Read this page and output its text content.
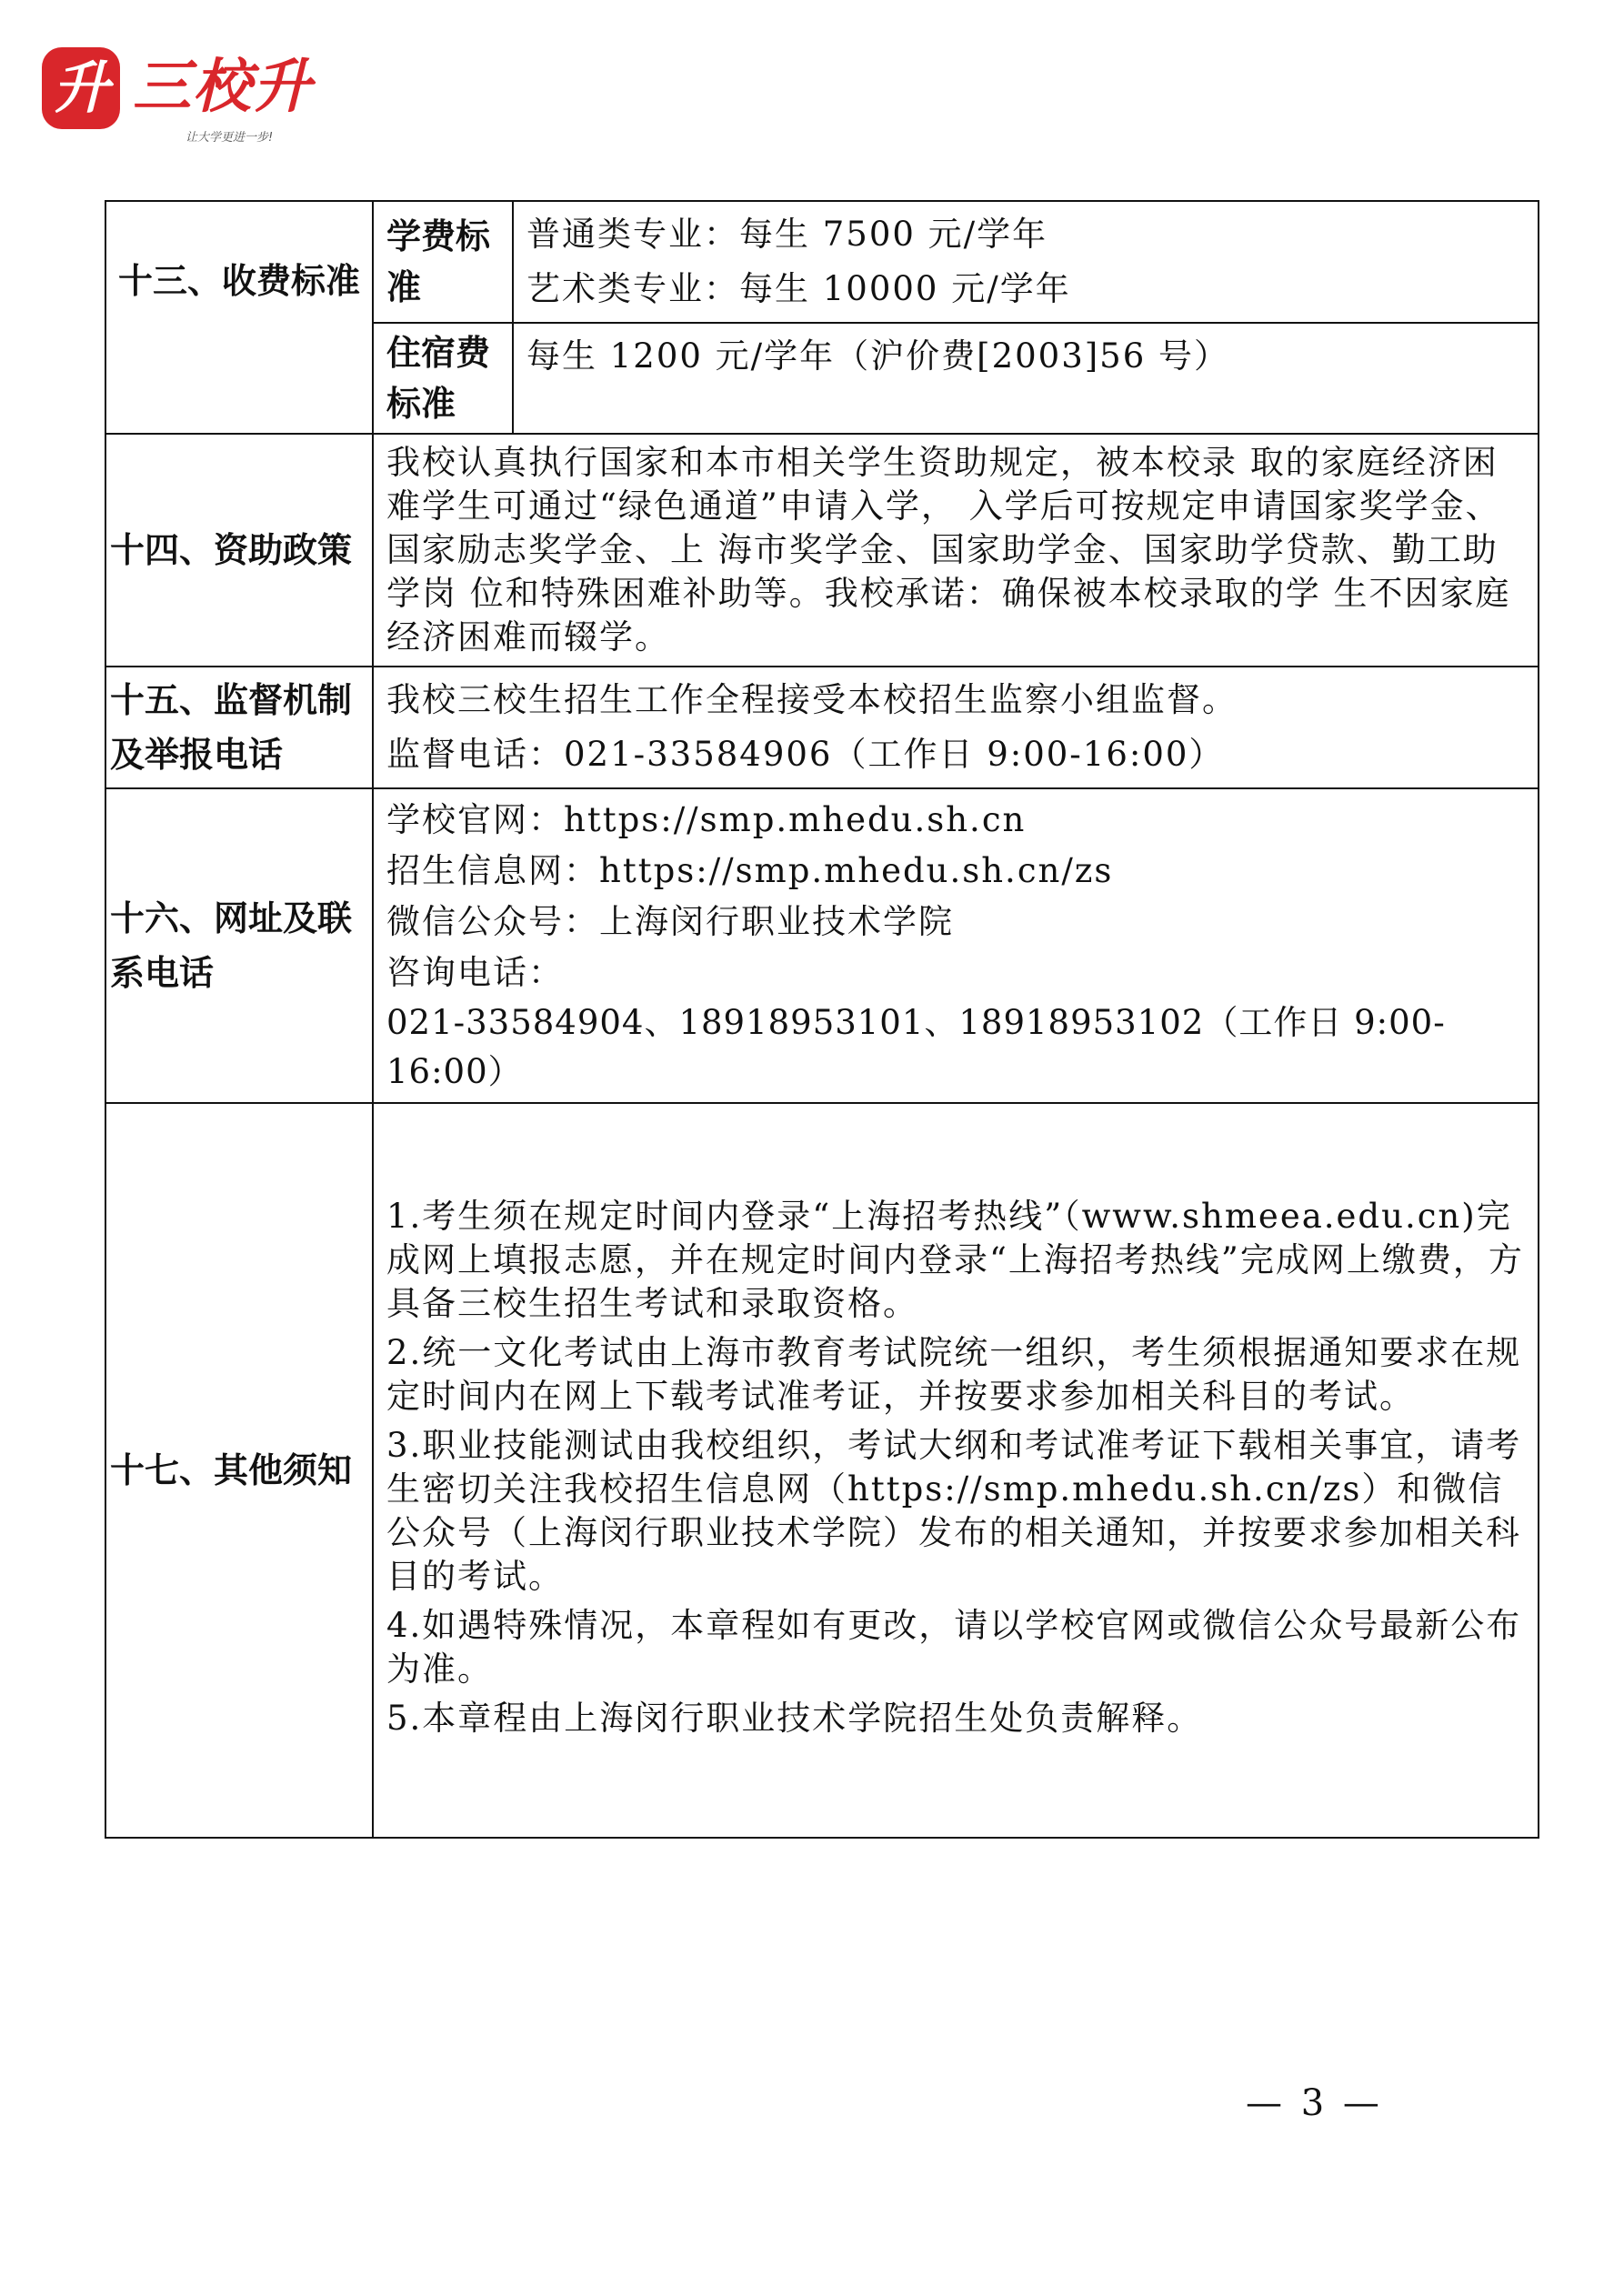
升 三校升
让大学更进一步!
十三、收费标准	学费标准	普通类专业：每生 7500 元/学年

艺术类专业：每生 10000 元/学年

	住宿费标准	每生 1200 元/学年（沪价费[2003]56 号）

十四、资助政策	我校认真执行国家和本市相关学生资助规定，被本校录 取的家庭经济困难学生可通过“绿色通道”申请入学， 入学后可按规定申请国家奖学金、国家励志奖学金、上 海市奖学金、国家助学金、国家助学贷款、勤工助学岗 位和特殊困难补助等。我校承诺：确保被本校录取的学 生不因家庭经济困难而辍学。	

十五、监督机制及举报电话	我校三校生招生工作全程接受本校招生监察小组监督。

监督电话：021-33584906（工作日 9:00-16:00）	

十六、网址及联系电话	学校官网：https://smp.mhedu.sh.cn

招生信息网：https://smp.mhedu.sh.cn/zs

微信公众号：上海闵行职业技术学院

咨询电话：

021-33584904、18918953101、18918953102（工作日 9:00-16:00）	

十七、其他须知	1.考生须在规定时间内登录“上海招考热线”（www.shmeea.edu.cn)完成网上填报志愿，并在规定时间内登录“上海招考热线”完成网上缴费，方具备三校生招生考试和录取资格。

2.统一文化考试由上海市教育考试院统一组织，考生须根据通知要求在规定时间内在网上下载考试准考证，并按要求参加相关科目的考试。

3.职业技能测试由我校组织，考试大纲和考试准考证下载相关事宜，请考生密切关注我校招生信息网（https://smp.mhedu.sh.cn/zs）和微信公众号（上海闵行职业技术学院）发布的相关通知，并按要求参加相关科目的考试。

4.如遇特殊情况，本章程如有更改，请以学校官网或微信公众号最新公布为准。

5.本章程由上海闵行职业技术学院招生处负责解释。	

— 3 —
